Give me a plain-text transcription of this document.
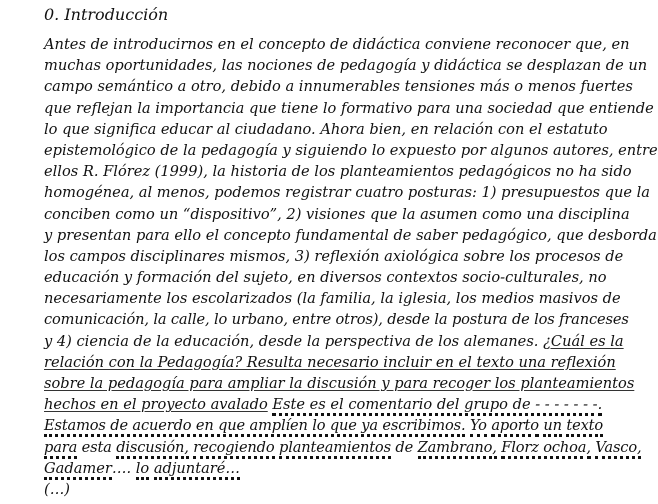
0. Introducción
Antes de introducirnos en el concepto de didáctica conviene reconocer que, en
muchas oportunidades, las nociones de pedagogía y didáctica se desplazan de un
campo semántico a otro, debido a innumerables tensiones más o menos fuertes
que reflejan la importancia que tiene lo formativo para una sociedad que entiende
lo que significa educar al ciudadano. Ahora bien, en relación con el estatuto
epistemológico de la pedagogía y siguiendo lo expuesto por algunos autores, entre
ellos R. Flórez (1999), la historia de los planteamientos pedagógicos no ha sido
homogénea, al menos, podemos registrar cuatro posturas: 1) presupuestos que la
conciben como un “dispositivo”, 2) visiones que la asumen como una disciplina
y presentan para ello el concepto fundamental de saber pedagógico, que desborda
los campos disciplinares mismos, 3) reflexión axiológica sobre los procesos de
educación y formación del sujeto, en diversos contextos socio-culturales, no
necesariamente los escolarizados (la familia, la iglesia, los medios masivos de
comunicación, la calle, lo urbano, entre otros), desde la postura de los franceses
y 4) ciencia de la educación, desde la perspectiva de los alemanes. ¿Cuál es la
relación con la Pedagogía? Resulta necesario incluir en el texto una reflexión
sobre la pedagogía para ampliar la discusión y para recoger los planteamientos
hechos en el proyecto avalado Este es el comentario del grupo de - - - - - - -.
Estamos de acuerdo en que amplíen lo que ya escribimos. Yo aporto un texto
para esta discusión, recogiendo planteamientos de Zambrano, Florz ochoa, Vasco,
Gadamer…. lo adjuntaré…
(…)
